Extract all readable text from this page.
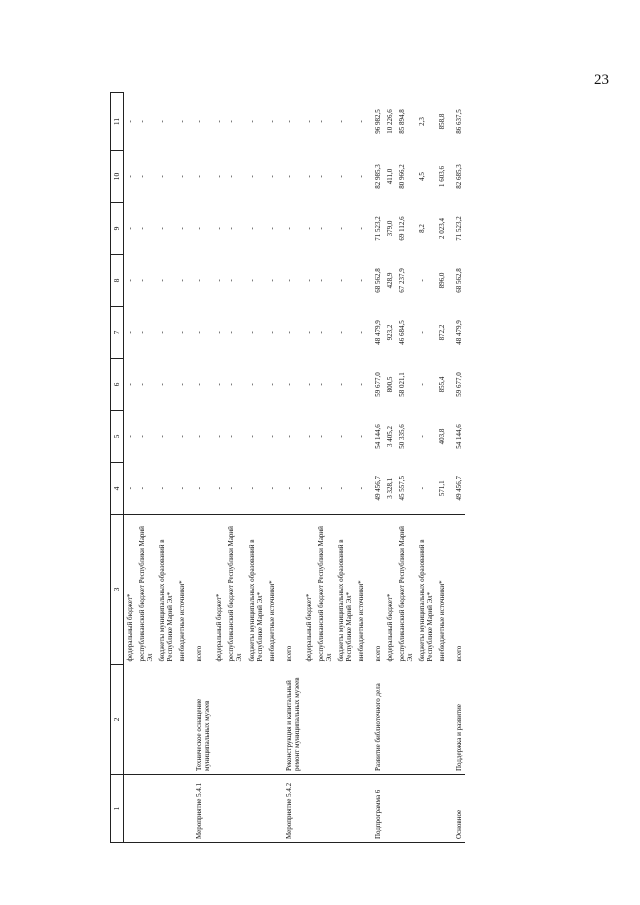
23
1	2	3	4	5	6	7	8	9	10	11
		федеральный бюджет*	-	-	-	-	-	-	-	-
		республиканский бюджет Республики Марий Эл	-	-	-	-	-	-	-	-
		бюджеты муниципальных образований в Республике Марий Эл*	-	-	-	-	-	-	-	-
		внебюджетные источники*	-	-	-	-	-	-	-	-
Мероприятие 5.4.1	Техническое оснащение муниципальных музеев	всего	-	-	-	-	-	-	-	-
		федеральный бюджет*	-	-	-	-	-	-	-	-
		республиканский бюджет Республики Марий Эл	-	-	-	-	-	-	-	-
		бюджеты муниципальных образований в Республике Марий Эл*	-	-	-	-	-	-	-	-
		внебюджетные источники*	-	-	-	-	-	-	-	-
Мероприятие 5.4.2	Реконструкция и капитальный ремонт муниципальных музеев	всего	-	-	-	-	-	-	-	-
		федеральный бюджет*	-	-	-	-	-	-	-	-
		республиканский бюджет Республики Марий Эл	-	-	-	-	-	-	-	-
		бюджеты муниципальных образований в Республике Марий Эл*	-	-	-	-	-	-	-	-
		внебюджетные источники*	-	-	-	-	-	-	-	-
Подпрограмма 6	Развитие библиотечного дела	всего	49 456,7	54 144,6	59 677,0	48 479,9	68 562,8	71 523,2	82 985,3	96 982,5
		федеральный бюджет*	3 328,1	3 405,2	800,5	923,2	428,9	379,0	411,0	10 226,6
		республиканский бюджет Республики Марий Эл	45 557,5	50 335,6	58 021,1	46 684,5	67 237,9	69 112,6	80 966,2	85 894,8
		бюджеты муниципальных образований в Республике Марий Эл*	-	-	-	-	-	8,2	4,5	2,3
		внебюджетные источники*	571,1	403,8	855,4	872,2	896,0	2 023,4	1 603,6	858,8
Основное	Поддержка и развитие	всего	49 456,7	54 144,6	59 677,0	48 479,9	68 562,8	71 523,2	82 685,3	86 637,5
